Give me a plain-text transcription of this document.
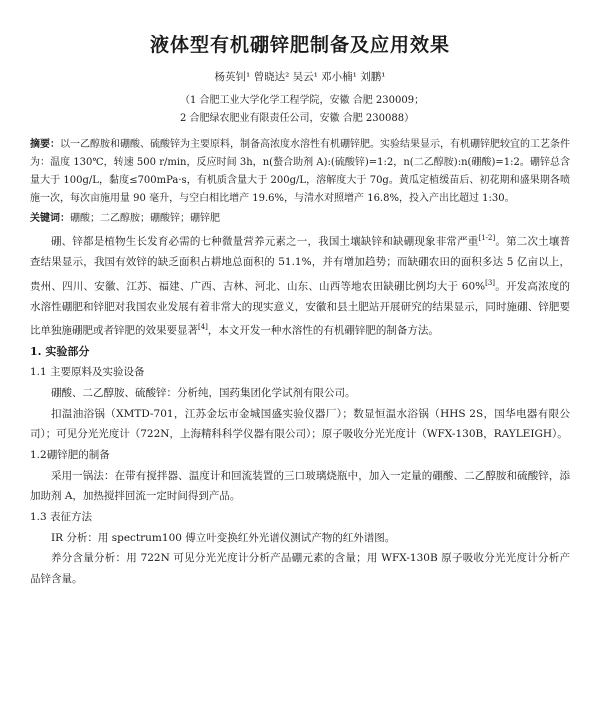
液体型有机硼锌肥制备及应用效果
杨英钊¹ 曾晓达² 吴云¹ 邓小楠¹ 刘鹏¹
（1 合肥工业大学化学工程学院，安徽 合肥 230009；
2 合肥绿农肥业有限责任公司，安徽 合肥 230088）
摘要：以一乙醇胺和硼酸、硫酸锌为主要原料，制备高浓度水溶性有机硼锌肥。实验结果显示，有机硼锌肥较宜的工艺条件为：温度 130℃，转速 500 r/min，反应时间 3h，n(螯合助剂 A):(硫酸锌)=1:2，n(二乙醇胺):n(硼酸)=1:2。硼锌总含量大于 100g/L，黏度≤700mPa·s，有机质含量大于 200g/L，溶解度大于 70g。黄瓜定植缓苗后、初花期和盛果期各喷施一次，每次亩施用量 90 毫升，与空白相比增产 19.6%，与清水对照增产 16.8%，投入产出比超过 1:30。
关键词：硼酸；二乙醇胺；硼酸锌；硼锌肥

硼、锌都是植物生长发育必需的七种微量营养元素之一，我国土壤缺锌和缺硼现象非常严重[1-2]。第二次土壤普查结果显示，我国有效锌的缺乏面积占耕地总面积的 51.1%，并有增加趋势；而缺硼农田的面积多达 5 亿亩以上，贵州、四川、安徽、江苏、福建、广西、吉林、河北、山东、山西等地农田缺硼比例均大于 60%[3]。开发高浓度的水溶性硼肥和锌肥对我国农业发展有着非常大的现实意义，安徽和县土肥站开展研究的结果显示，同时施硼、锌肥要比单独施硼肥或者锌肥的效果要显著[4]，本文开发一种水溶性的有机硼锌肥的制备方法。

1. 实验部分
1.1 主要原料及实验设备

硼酸、二乙醇胺、硫酸锌：分析纯，国药集团化学试剂有限公司。

扣温油浴锅（XMTD-701，江苏金坛市金城国盛实验仪器厂）；数显恒温水浴锅（HHS 2S，国华电器有限公司）；可见分光光度计（722N，上海精科科学仪器有限公司）；原子吸收分光光度计（WFX-130B，RAYLEIGH）。

1.2硼锌肥的制备

采用一锅法：在带有搅拌器、温度计和回流装置的三口玻璃烧瓶中，加入一定量的硼酸、二乙醇胺和硫酸锌，添加助剂 A，加热搅拌回流一定时间得到产品。

1.3 表征方法

IR 分析：用 spectrum100 傅立叶变换红外光谱仪测试产物的红外谱图。

养分含量分析：用 722N 可见分光光度计分析产品硼元素的含量；用 WFX-130B 原子吸收分光光度计分析产品锌含量。
